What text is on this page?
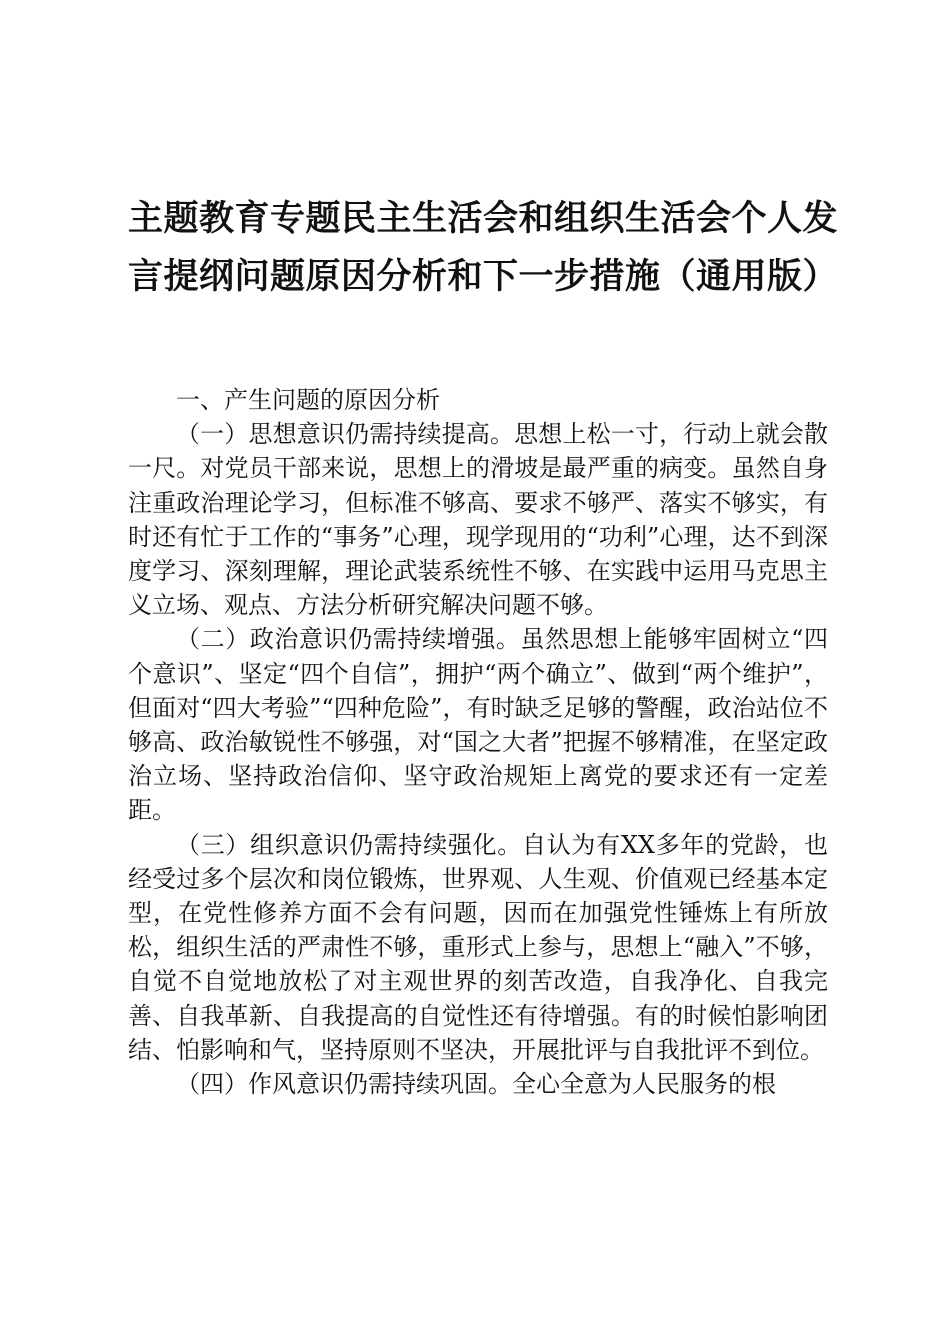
主题教育专题民主生活会和组织生活会个人发
言提纲问题原因分析和下一步措施（通用版）

一、产生问题的原因分析

（一）思想意识仍需持续提高。思想上松一寸，行动上就会散一尺。对党员干部来说，思想上的滑坡是最严重的病变。虽然自身注重政治理论学习，但标准不够高、要求不够严、落实不够实，有时还有忙于工作的“事务”心理，现学现用的“功利”心理，达不到深度学习、深刻理解，理论武装系统性不够、在实践中运用马克思主义立场、观点、方法分析研究解决问题不够。

（二）政治意识仍需持续增强。虽然思想上能够牢固树立“四个意识”、坚定“四个自信”，拥护“两个确立”、做到“两个维护”，但面对“四大考验”“四种危险”，有时缺乏足够的警醒，政治站位不够高、政治敏锐性不够强，对“国之大者”把握不够精准，在坚定政治立场、坚持政治信仰、坚守政治规矩上离党的要求还有一定差距。

（三）组织意识仍需持续强化。自认为有XX多年的党龄，也经受过多个层次和岗位锻炼，世界观、人生观、价值观已经基本定型，在党性修养方面不会有问题，因而在加强党性锤炼上有所放松，组织生活的严肃性不够，重形式上参与，思想上“融入”不够，自觉不自觉地放松了对主观世界的刻苦改造，自我净化、自我完善、自我革新、自我提高的自觉性还有待增强。有的时候怕影响团结、怕影响和气，坚持原则不坚决，开展批评与自我批评不到位。

（四）作风意识仍需持续巩固。全心全意为人民服务的根
